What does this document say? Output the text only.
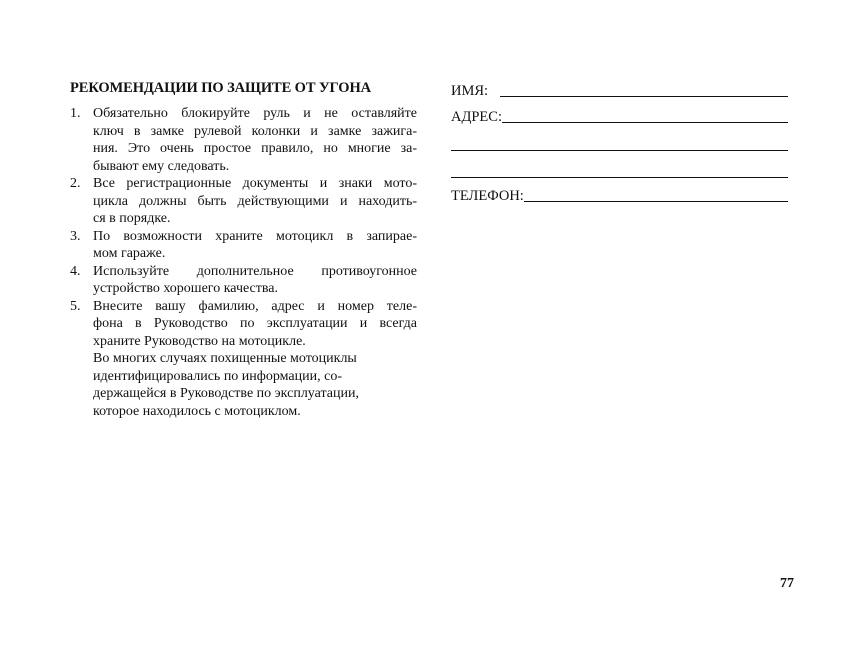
РЕКОМЕНДАЦИИ ПО ЗАЩИТЕ ОТ УГОНА
1. Обязательно блокируйте руль и не оставляйте
ключ в замке рулевой колонки и замке зажига-
ния. Это очень простое правило, но многие за-
бывают ему следовать.
2. Все регистрационные документы и знаки мото-
цикла должны быть действующими и находить-
ся в порядке.
3. По возможности храните мотоцикл в запирае-
мом гараже.
4. Используйте дополнительное противоугонное
устройство хорошего качества.
5. Внесите вашу фамилию, адрес и номер теле-
фона в Руководство по эксплуатации и всегда
храните Руководство на мотоцикле.
Во многих случаях похищенные мотоциклы
идентифицировались по информации, со-
держащейся в Руководстве по эксплуатации,
которое находилось с мотоциклом.
ИМЯ:
АДРЕС:
ТЕЛЕФОН:
77
